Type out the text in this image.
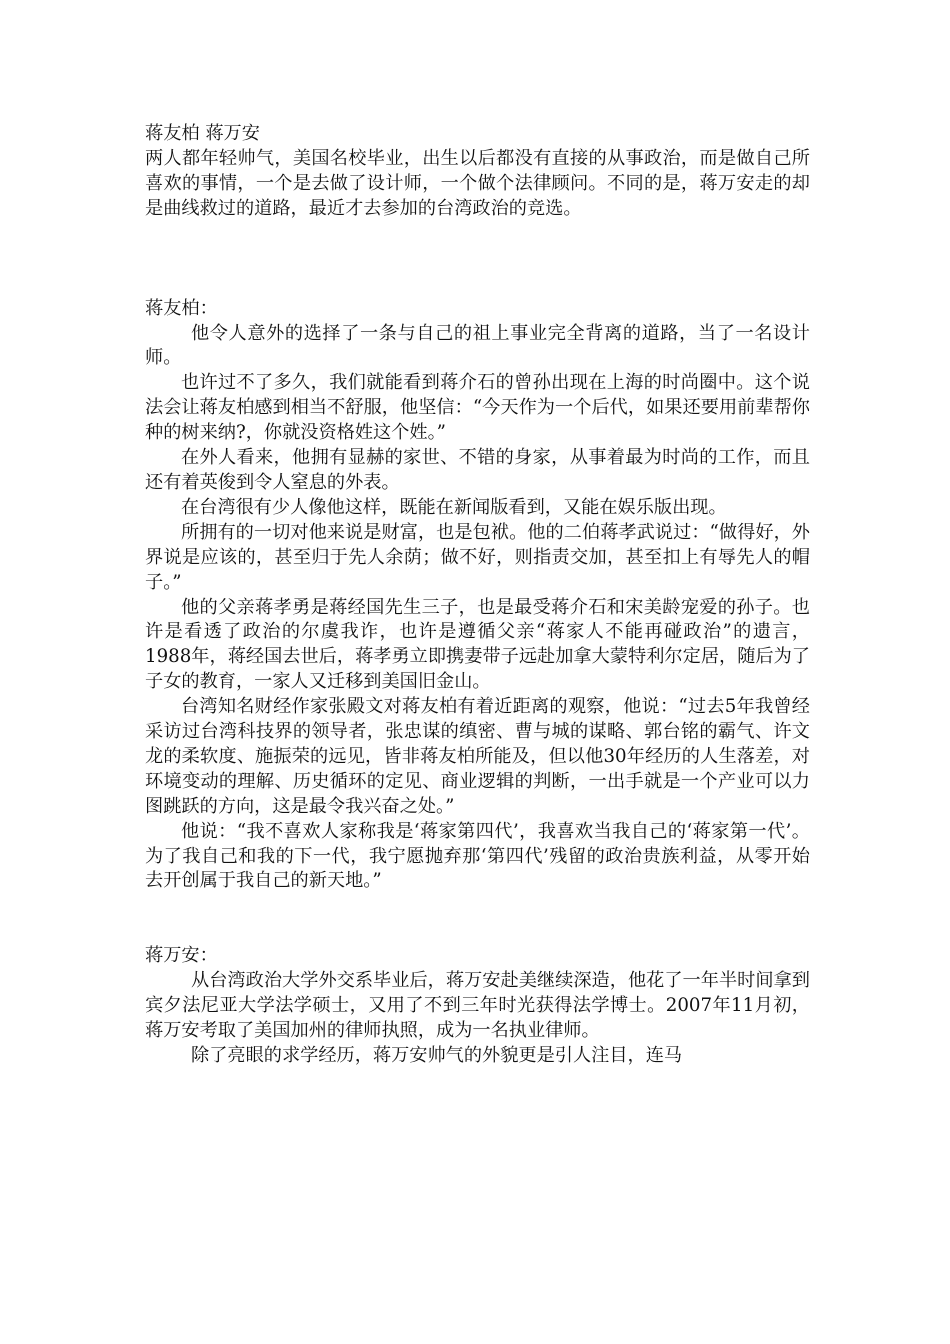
蒋友柏 蒋万安

两人都年轻帅气，美国名校毕业，出生以后都没有直接的从事政治，而是做自己所喜欢的事情，一个是去做了设计师，一个做个法律顾问。不同的是，蒋万安走的却是曲线救过的道路，最近才去参加的台湾政治的竞选。

蒋友柏：

他令人意外的选择了一条与自己的祖上事业完全背离的道路，当了一名设计师。

也许过不了多久，我们就能看到蒋介石的曾孙出现在上海的时尚圈中。这个说法会让蒋友柏感到相当不舒服，他坚信：“今天作为一个后代，如果还要用前辈帮你种的树来纳?，你就没资格姓这个姓。”

在外人看来，他拥有显赫的家世、不错的身家，从事着最为时尚的工作，而且还有着英俊到令人窒息的外表。

在台湾很有少人像他这样，既能在新闻版看到，又能在娱乐版出现。

所拥有的一切对他来说是财富，也是包袱。他的二伯蒋孝武说过：“做得好，外界说是应该的，甚至归于先人余荫；做不好，则指责交加，甚至扣上有辱先人的帽子。”

他的父亲蒋孝勇是蒋经国先生三子，也是最受蒋介石和宋美龄宠爱的孙子。也许是看透了政治的尔虞我诈，也许是遵循父亲“蒋家人不能再碰政治”的遗言，1988年，蒋经国去世后，蒋孝勇立即携妻带子远赴加拿大蒙特利尔定居，随后为了子女的教育，一家人又迁移到美国旧金山。

台湾知名财经作家张殿文对蒋友柏有着近距离的观察，他说：“过去5年我曾经采访过台湾科技界的领导者，张忠谋的缜密、曹与城的谋略、郭台铭的霸气、许文龙的柔软度、施振荣的远见，皆非蒋友柏所能及，但以他30年经历的人生落差，对环境变动的理解、历史循环的定见、商业逻辑的判断，一出手就是一个产业可以力图跳跃的方向，这是最令我兴奋之处。”

他说：“我不喜欢人家称我是‘蒋家第四代’，我喜欢当我自己的‘蒋家第一代’。为了我自己和我的下一代，我宁愿抛弃那‘第四代’残留的政治贵族利益，从零开始去开创属于我自己的新天地。”

蒋万安：

从台湾政治大学外交系毕业后，蒋万安赴美继续深造，他花了一年半时间拿到宾夕法尼亚大学法学硕士，又用了不到三年时光获得法学博士。2007年11月初，蒋万安考取了美国加州的律师执照，成为一名执业律师。

除了亮眼的求学经历，蒋万安帅气的外貌更是引人注目，连马
